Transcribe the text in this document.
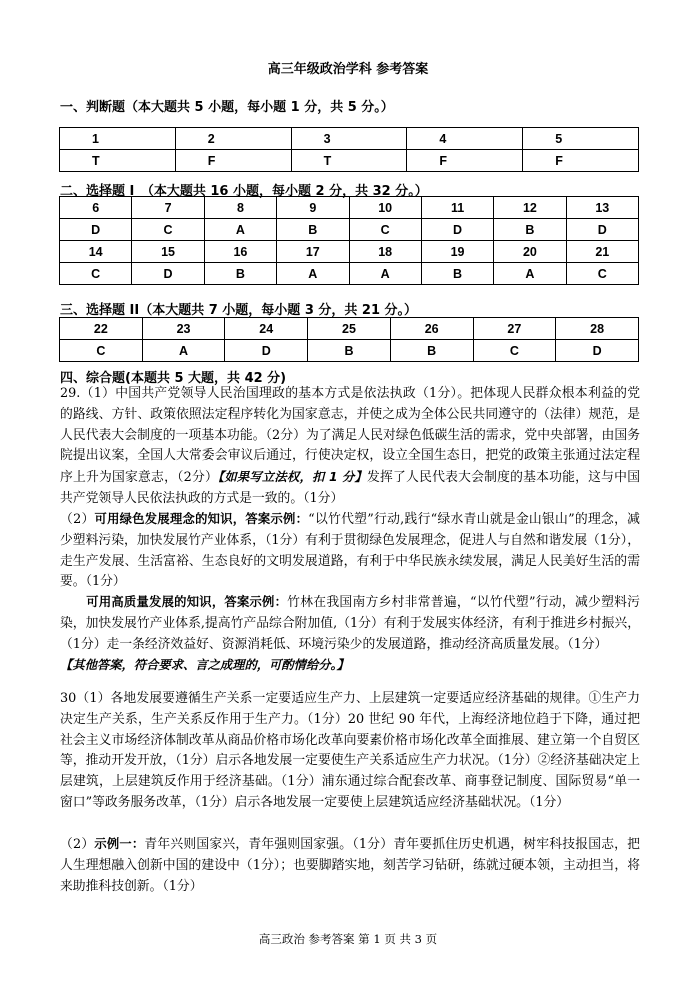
高三年级政治学科 参考答案
一、判断题（本大题共 5 小题，每小题 1 分，共 5 分。）
1	2	3	4	5
T	F	T	F	F
二、选择题 I　（本大题共 16 小题，每小题 2 分，共 32 分。）
6	7	8	9	10	11	12	13
D	C	A	B	C	D	B	D
14	15	16	17	18	19	20	21
C	D	B	A	A	B	A	C
三、选择题 II（本大题共 7 小题，每小题 3 分，共 21 分。）
22	23	24	25	26	27	28
C	A	D	B	B	C	D
四、综合题(本题共 5 大题，共 42 分)
29.（1）中国共产党领导人民治国理政的基本方式是依法执政（1分）。把体现人民群众根本利益的党的路线、方针、政策依照法定程序转化为国家意志，并使之成为全体公民共同遵守的（法律）规范，是人民代表大会制度的一项基本功能。（2分）为了满足人民对绿色低碳生活的需求，党中央部署，由国务院提出议案，全国人大常委会审议后通过，行使决定权，设立全国生态日，把党的政策主张通过法定程序上升为国家意志，（2分）【如果写立法权，扣 1 分】发挥了人民代表大会制度的基本功能，这与中国共产党领导人民依法执政的方式是一致的。（1分）
（2）可用绿色发展理念的知识，答案示例：“以竹代塑”行动,践行“绿水青山就是金山银山”的理念，减少塑料污染，加快发展竹产业体系，（1分）有利于贯彻绿色发展理念，促进人与自然和谐发展（1分），走生产发展、生活富裕、生态良好的文明发展道路，有利于中华民族永续发展，满足人民美好生活的需要。（1分）
可用高质量发展的知识，答案示例：竹林在我国南方乡村非常普遍，“以竹代塑”行动，减少塑料污染，加快发展竹产业体系,提高竹产品综合附加值,（1分）有利于发展实体经济，有利于推进乡村振兴，（1分）走一条经济效益好、资源消耗低、环境污染少的发展道路，推动经济高质量发展。（1分）
【其他答案，符合要求、言之成理的，可酌情给分。】
30（1）各地发展要遵循生产关系一定要适应生产力、上层建筑一定要适应经济基础的规律。①生产力决定生产关系，生产关系反作用于生产力。（1分）20 世纪 90 年代，上海经济地位趋于下降，通过把社会主义市场经济体制改革从商品价格市场化改革向要素价格市场化改革全面推展、建立第一个自贸区等，推动开发开放，（1分）启示各地发展一定要使生产关系适应生产力状况。（1分）②经济基础决定上层建筑，上层建筑反作用于经济基础。（1分）浦东通过综合配套改革、商事登记制度、国际贸易“单一窗口”等政务服务改革，（1分）启示各地发展一定要使上层建筑适应经济基础状况。（1分）
（2）示例一：青年兴则国家兴，青年强则国家强。（1分）青年要抓住历史机遇，树牢科技报国志，把人生理想融入创新中国的建设中（1分）；也要脚踏实地，刻苦学习钻研，练就过硬本领，主动担当，将来助推科技创新。（1分）
高三政治 参考答案 第 1 页 共 3 页
